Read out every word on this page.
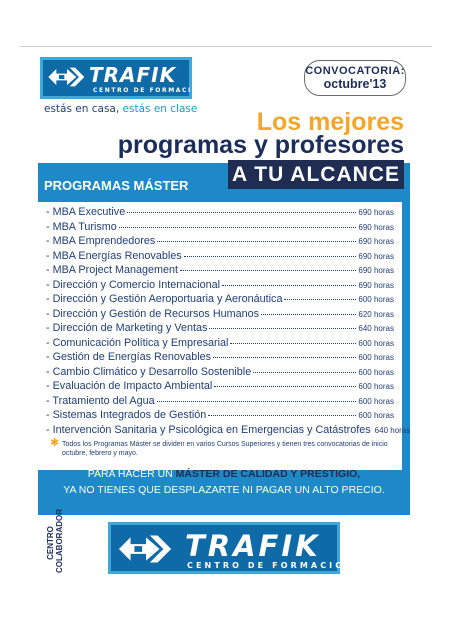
TRAFIK
CENTRO DE FORMACION
estás en casa, estás en clase
CONVOCATORIA:
octubre'13
Los mejores
programas y profesores
PROGRAMAS MÁSTER A TU ALCANCE
- MBA Executive	690 horas
- MBA Turismo	690 horas
- MBA Emprendedores	690 horas
- MBA Energías Renovables	690 horas
- MBA Project Management	690 horas
- Dirección y Comercio Internacional	690 horas
- Dirección y Gestión Aeroportuaria y Aeronáutica	600 horas
- Dirección y Gestión de Recursos Humanos	620 horas
- Dirección de Marketing y Ventas	640 horas
- Comunicación Política y Empresarial	600 horas
- Gestión de Energías Renovables	600 horas
- Cambio Climático y Desarrollo Sostenible	600 horas
- Evaluación de Impacto Ambiental	600 horas
- Tratamiento del Agua	600 horas
- Sistemas Integrados de Gestión	600 horas
- Intervención Sanitaria y Psicológica en Emergencias y Catástrofes 640 horas
✱ Todos los Programas Máster se dividen en varios Cursos Superiores y tienen tres convocatorias de inicio octubre, febrero y mayo.
PARA HACER UN MÁSTER DE CALIDAD Y PRESTIGIO,
YA NO TIENES QUE DESPLAZARTE NI PAGAR UN ALTO PRECIO.
CENTRO COLABORADOR	TRAFIK
CENTRO DE FORMACION
